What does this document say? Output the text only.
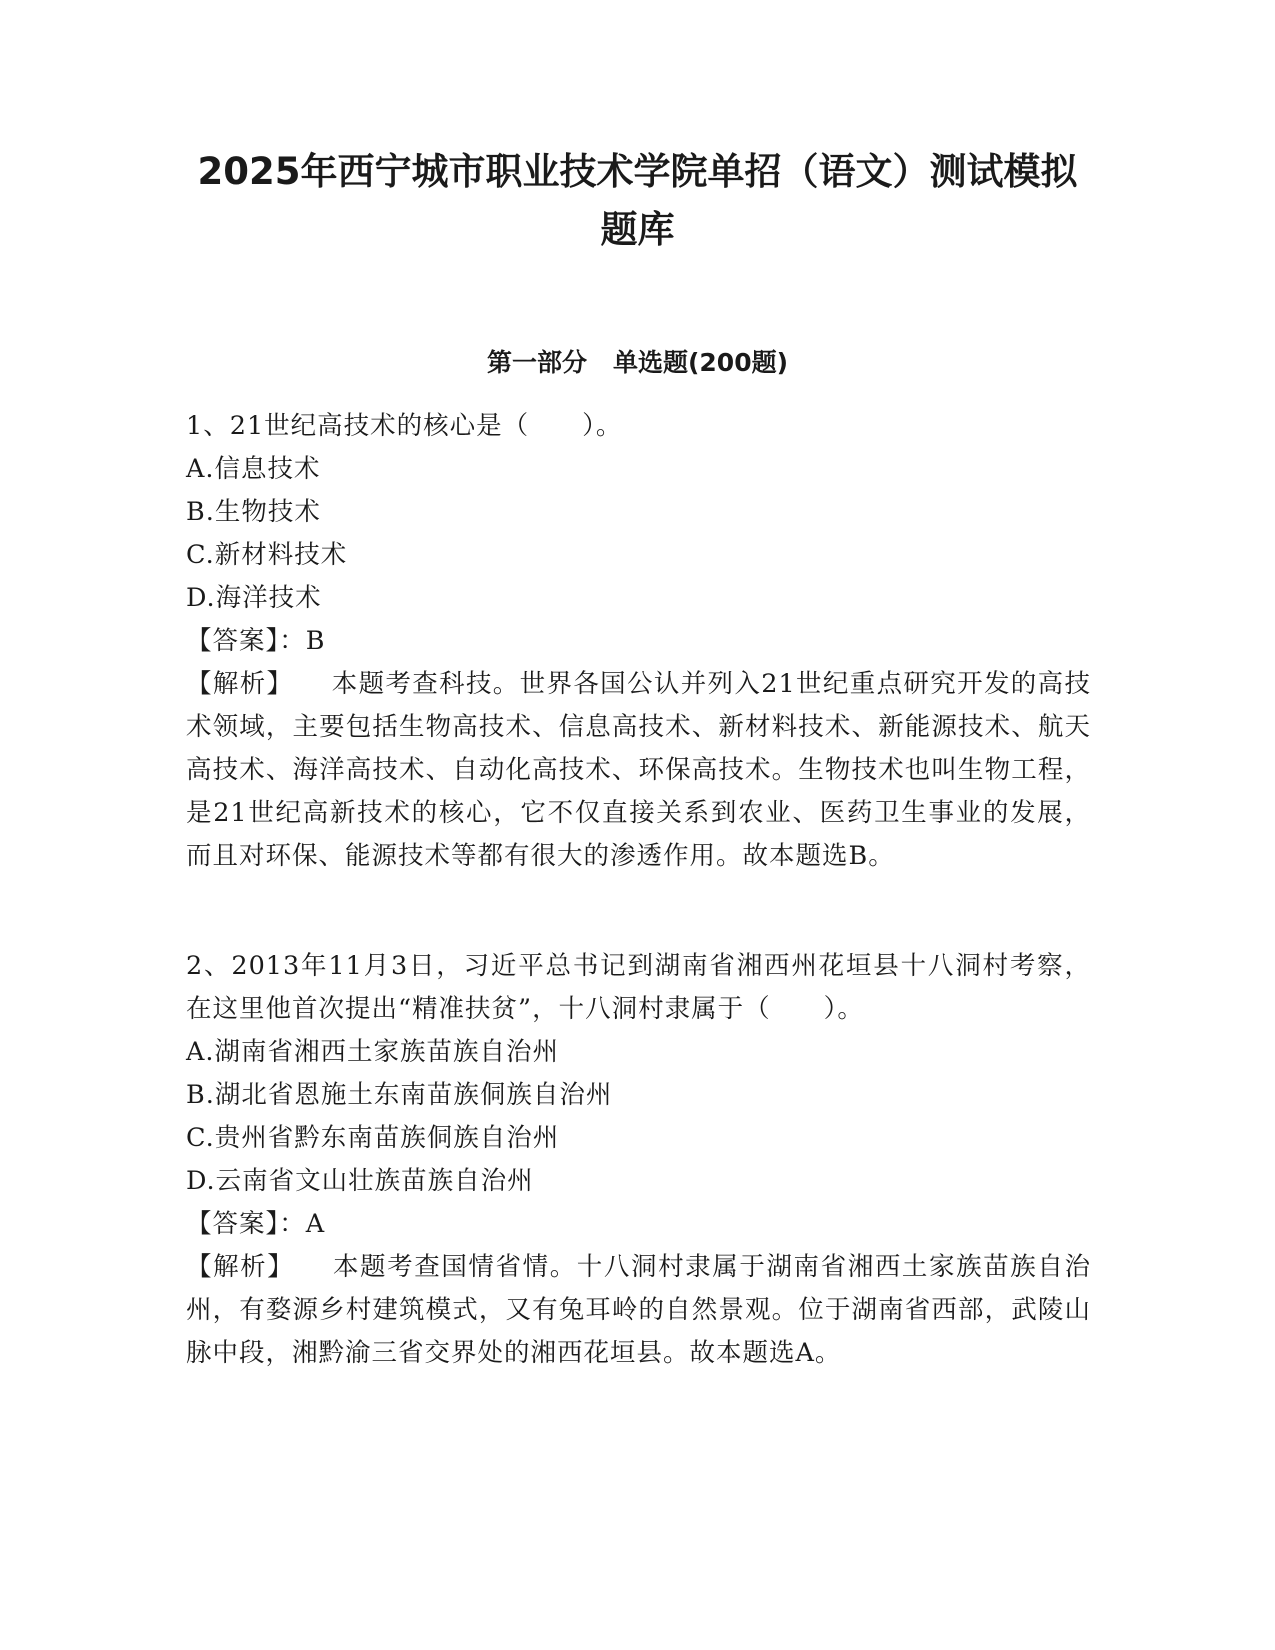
2025年西宁城市职业技术学院单招（语文）测试模拟
题库
第一部分 单选题(200题)
1、21世纪高技术的核心是（　　）。
A.信息技术
B.生物技术
C.新材料技术
D.海洋技术
【答案】：B
【解析】 本题考查科技。世界各国公认并列入21世纪重点研究开发的高技术领域，主要包括生物高技术、信息高技术、新材料技术、新能源技术、航天高技术、海洋高技术、自动化高技术、环保高技术。生物技术也叫生物工程，是21世纪高新技术的核心，它不仅直接关系到农业、医药卫生事业的发展，而且对环保、能源技术等都有很大的渗透作用。故本题选B。
2、2013年11月3日，习近平总书记到湖南省湘西州花垣县十八洞村考察，在这里他首次提出“精准扶贫”，十八洞村隶属于（　　）。
A.湖南省湘西土家族苗族自治州
B.湖北省恩施土东南苗族侗族自治州
C.贵州省黔东南苗族侗族自治州
D.云南省文山壮族苗族自治州
【答案】：A
【解析】 本题考查国情省情。十八洞村隶属于湖南省湘西土家族苗族自治州，有婺源乡村建筑模式，又有兔耳岭的自然景观。位于湖南省西部，武陵山脉中段，湘黔渝三省交界处的湘西花垣县。故本题选A。
